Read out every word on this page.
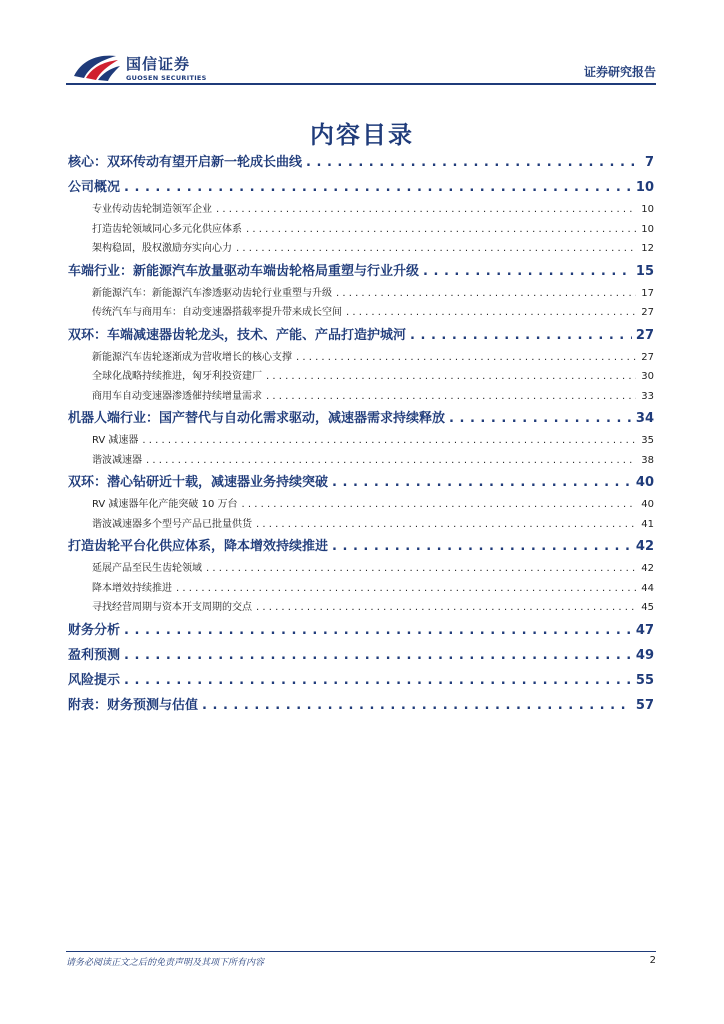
国信证券
GUOSEN SECURITIES	证券研究报告
内容目录
核心：双环传动有望开启新一轮成长曲线 . . .	7
公司概况 . . .	10
专业传动齿轮制造领军企业 . . .	10
打造齿轮领域同心多元化供应体系 . . .	10
架构稳固，股权激励夯实向心力 . . .	12
车端行业：新能源汽车放量驱动车端齿轮格局重塑与行业升级 . . .	15
新能源汽车：新能源汽车渗透驱动齿轮行业重塑与升级 . . .	17
传统汽车与商用车：自动变速器搭载率提升带来成长空间 . . .	27
双环：车端减速器齿轮龙头，技术、产能、产品打造护城河 . . .	27
新能源汽车齿轮逐渐成为营收增长的核心支撑 . . .	27
全球化战略持续推进，匈牙利投资建厂 . . .	30
商用车自动变速器渗透催持续增量需求 . . .	33
机器人端行业：国产替代与自动化需求驱动，减速器需求持续释放 . . .	34
RV 减速器 . . .	35
谐波减速器 . . .	38
双环：潜心钻研近十载，减速器业务持续突破 . . .	40
RV 减速器年化产能突破 10 万台 . . .	40
谐波减速器多个型号产品已批量供货 . . .	41
打造齿轮平台化供应体系，降本增效持续推进 . . .	42
延展产品至民生齿轮领域 . . .	42
降本增效持续推进 . . .	44
寻找经营周期与资本开支周期的交点 . . .	45
财务分析 . . .	47
盈利预测 . . .	49
风险提示 . . .	55
附表：财务预测与估值 . . .	57
请务必阅读正文之后的免责声明及其项下所有内容	2
